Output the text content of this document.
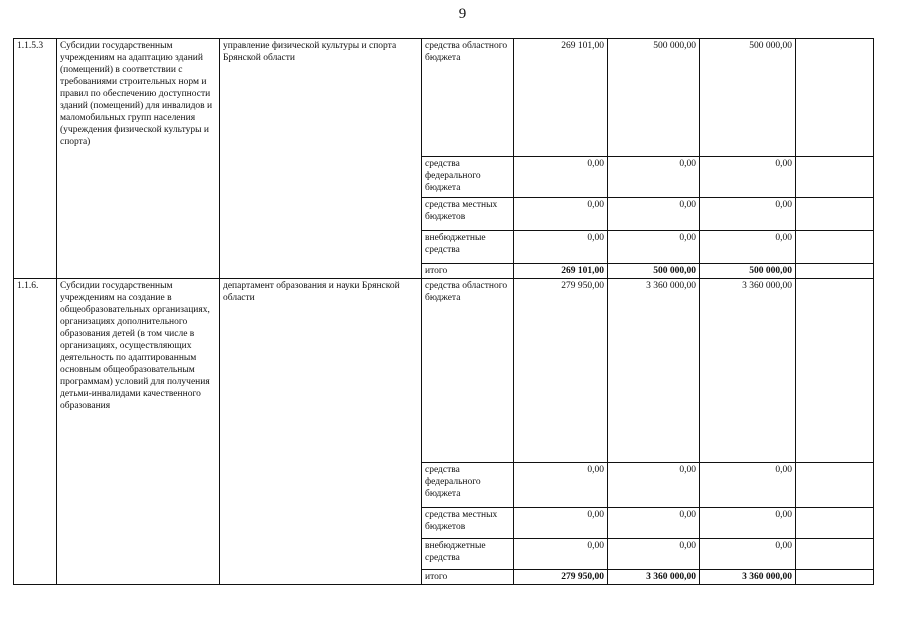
9
1.1.5.3	Субсидии государственным учреждениям на адаптацию зданий (помещений) в соответствии с требованиями строительных норм и правил по обеспечению доступности зданий (помещений) для инвалидов и маломобильных групп населения (учреждения физической культуры и спорта)	управление физической культуры и спорта Брянской области	средства областного бюджета	269 101,00	500 000,00	500 000,00	
			средства федерального бюджета	0,00	0,00	0,00	
			средства местных бюджетов	0,00	0,00	0,00	
			внебюджетные средства	0,00	0,00	0,00	
			итого	269 101,00	500 000,00	500 000,00	
1.1.6.	Субсидии государственным учреждениям на создание в общеобразовательных организациях, организациях дополнительного образования детей (в том числе в организациях, осуществляющих деятельность по адаптированным основным общеобразовательным программам) условий для получения детьми-инвалидами качественного образования	департамент образования и науки Брянской области	средства областного бюджета	279 950,00	3 360 000,00	3 360 000,00	
			средства федерального бюджета	0,00	0,00	0,00	
			средства местных бюджетов	0,00	0,00	0,00	
			внебюджетные средства	0,00	0,00	0,00	
			итого	279 950,00	3 360 000,00	3 360 000,00	
